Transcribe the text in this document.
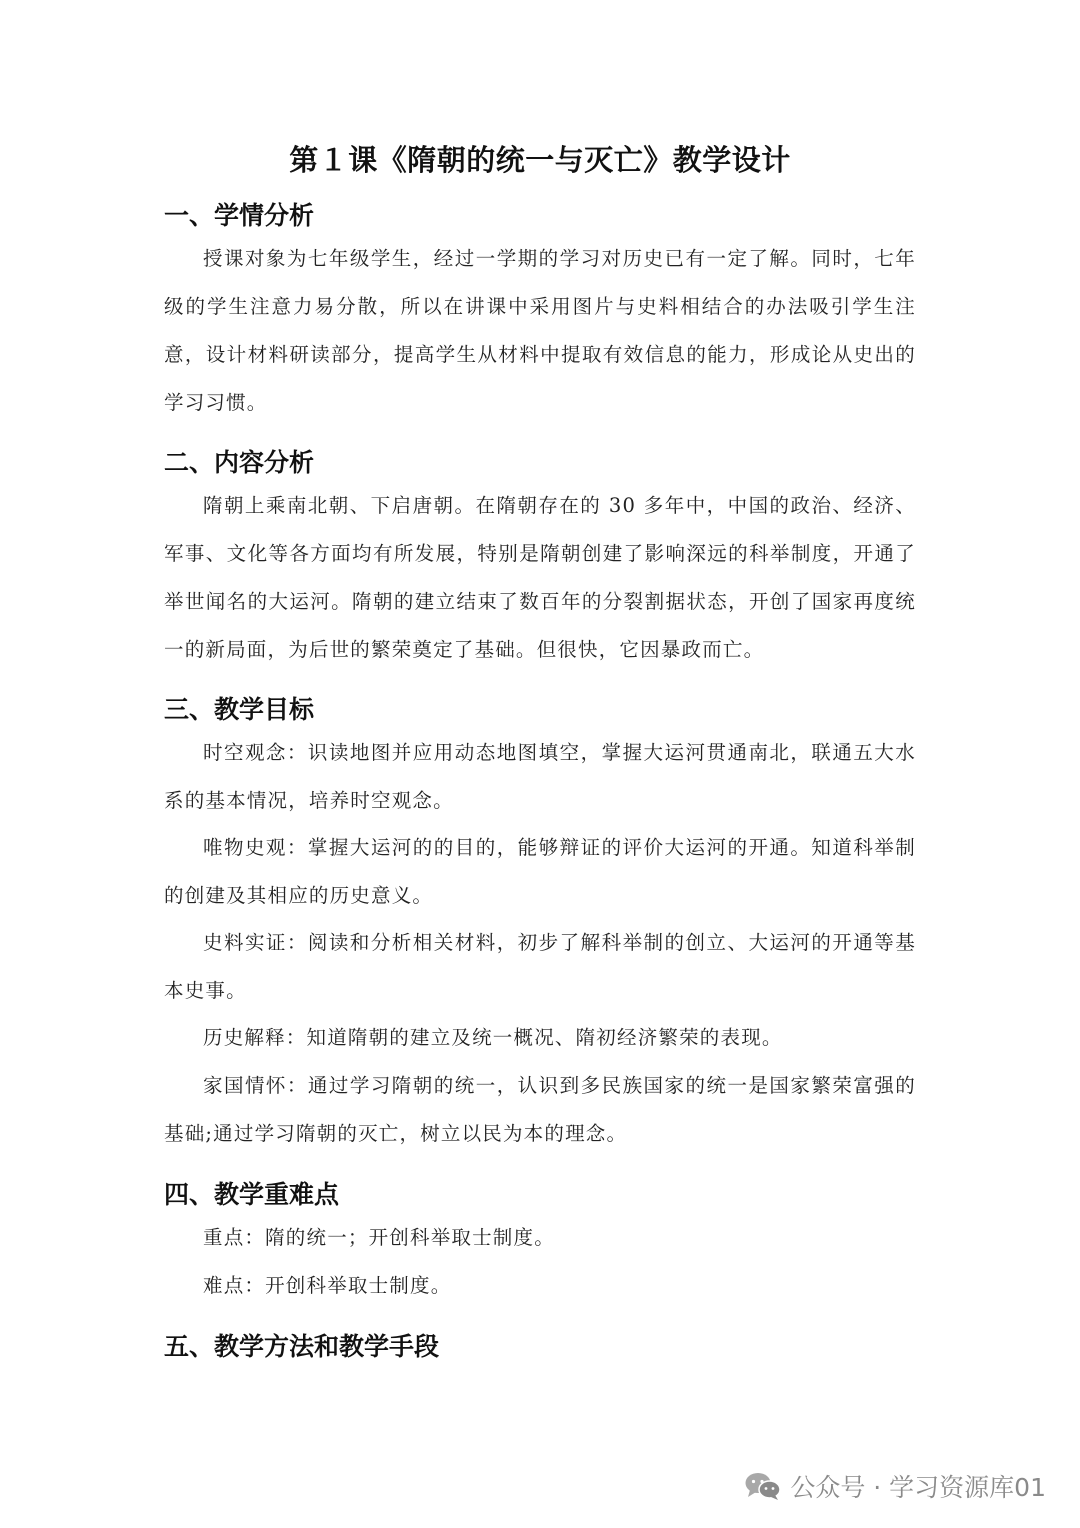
第１课《隋朝的统一与灭亡》教学设计
一、学情分析
授课对象为七年级学生，经过一学期的学习对历史已有一定了解。同时，七年级的学生注意力易分散，所以在讲课中采用图片与史料相结合的办法吸引学生注意，设计材料研读部分，提高学生从材料中提取有效信息的能力，形成论从史出的学习习惯。
二、内容分析
隋朝上乘南北朝、下启唐朝。在隋朝存在的 30 多年中，中国的政治、经济、军事、文化等各方面均有所发展，特别是隋朝创建了影响深远的科举制度，开通了举世闻名的大运河。隋朝的建立结束了数百年的分裂割据状态，开创了国家再度统一的新局面，为后世的繁荣奠定了基础。但很快，它因暴政而亡。
三、教学目标
时空观念：识读地图并应用动态地图填空，掌握大运河贯通南北，联通五大水系的基本情况，培养时空观念。
唯物史观：掌握大运河的的目的，能够辩证的评价大运河的开通。知道科举制的创建及其相应的历史意义。
史料实证：阅读和分析相关材料，初步了解科举制的创立、大运河的开通等基本史事。
历史解释：知道隋朝的建立及统一概况、隋初经济繁荣的表现。
家国情怀：通过学习隋朝的统一，认识到多民族国家的统一是国家繁荣富强的基础;通过学习隋朝的灭亡，树立以民为本的理念。
四、教学重难点
重点：隋的统一；开创科举取士制度。
难点：开创科举取士制度。
五、教学方法和教学手段
公众号 · 学习资源库01
